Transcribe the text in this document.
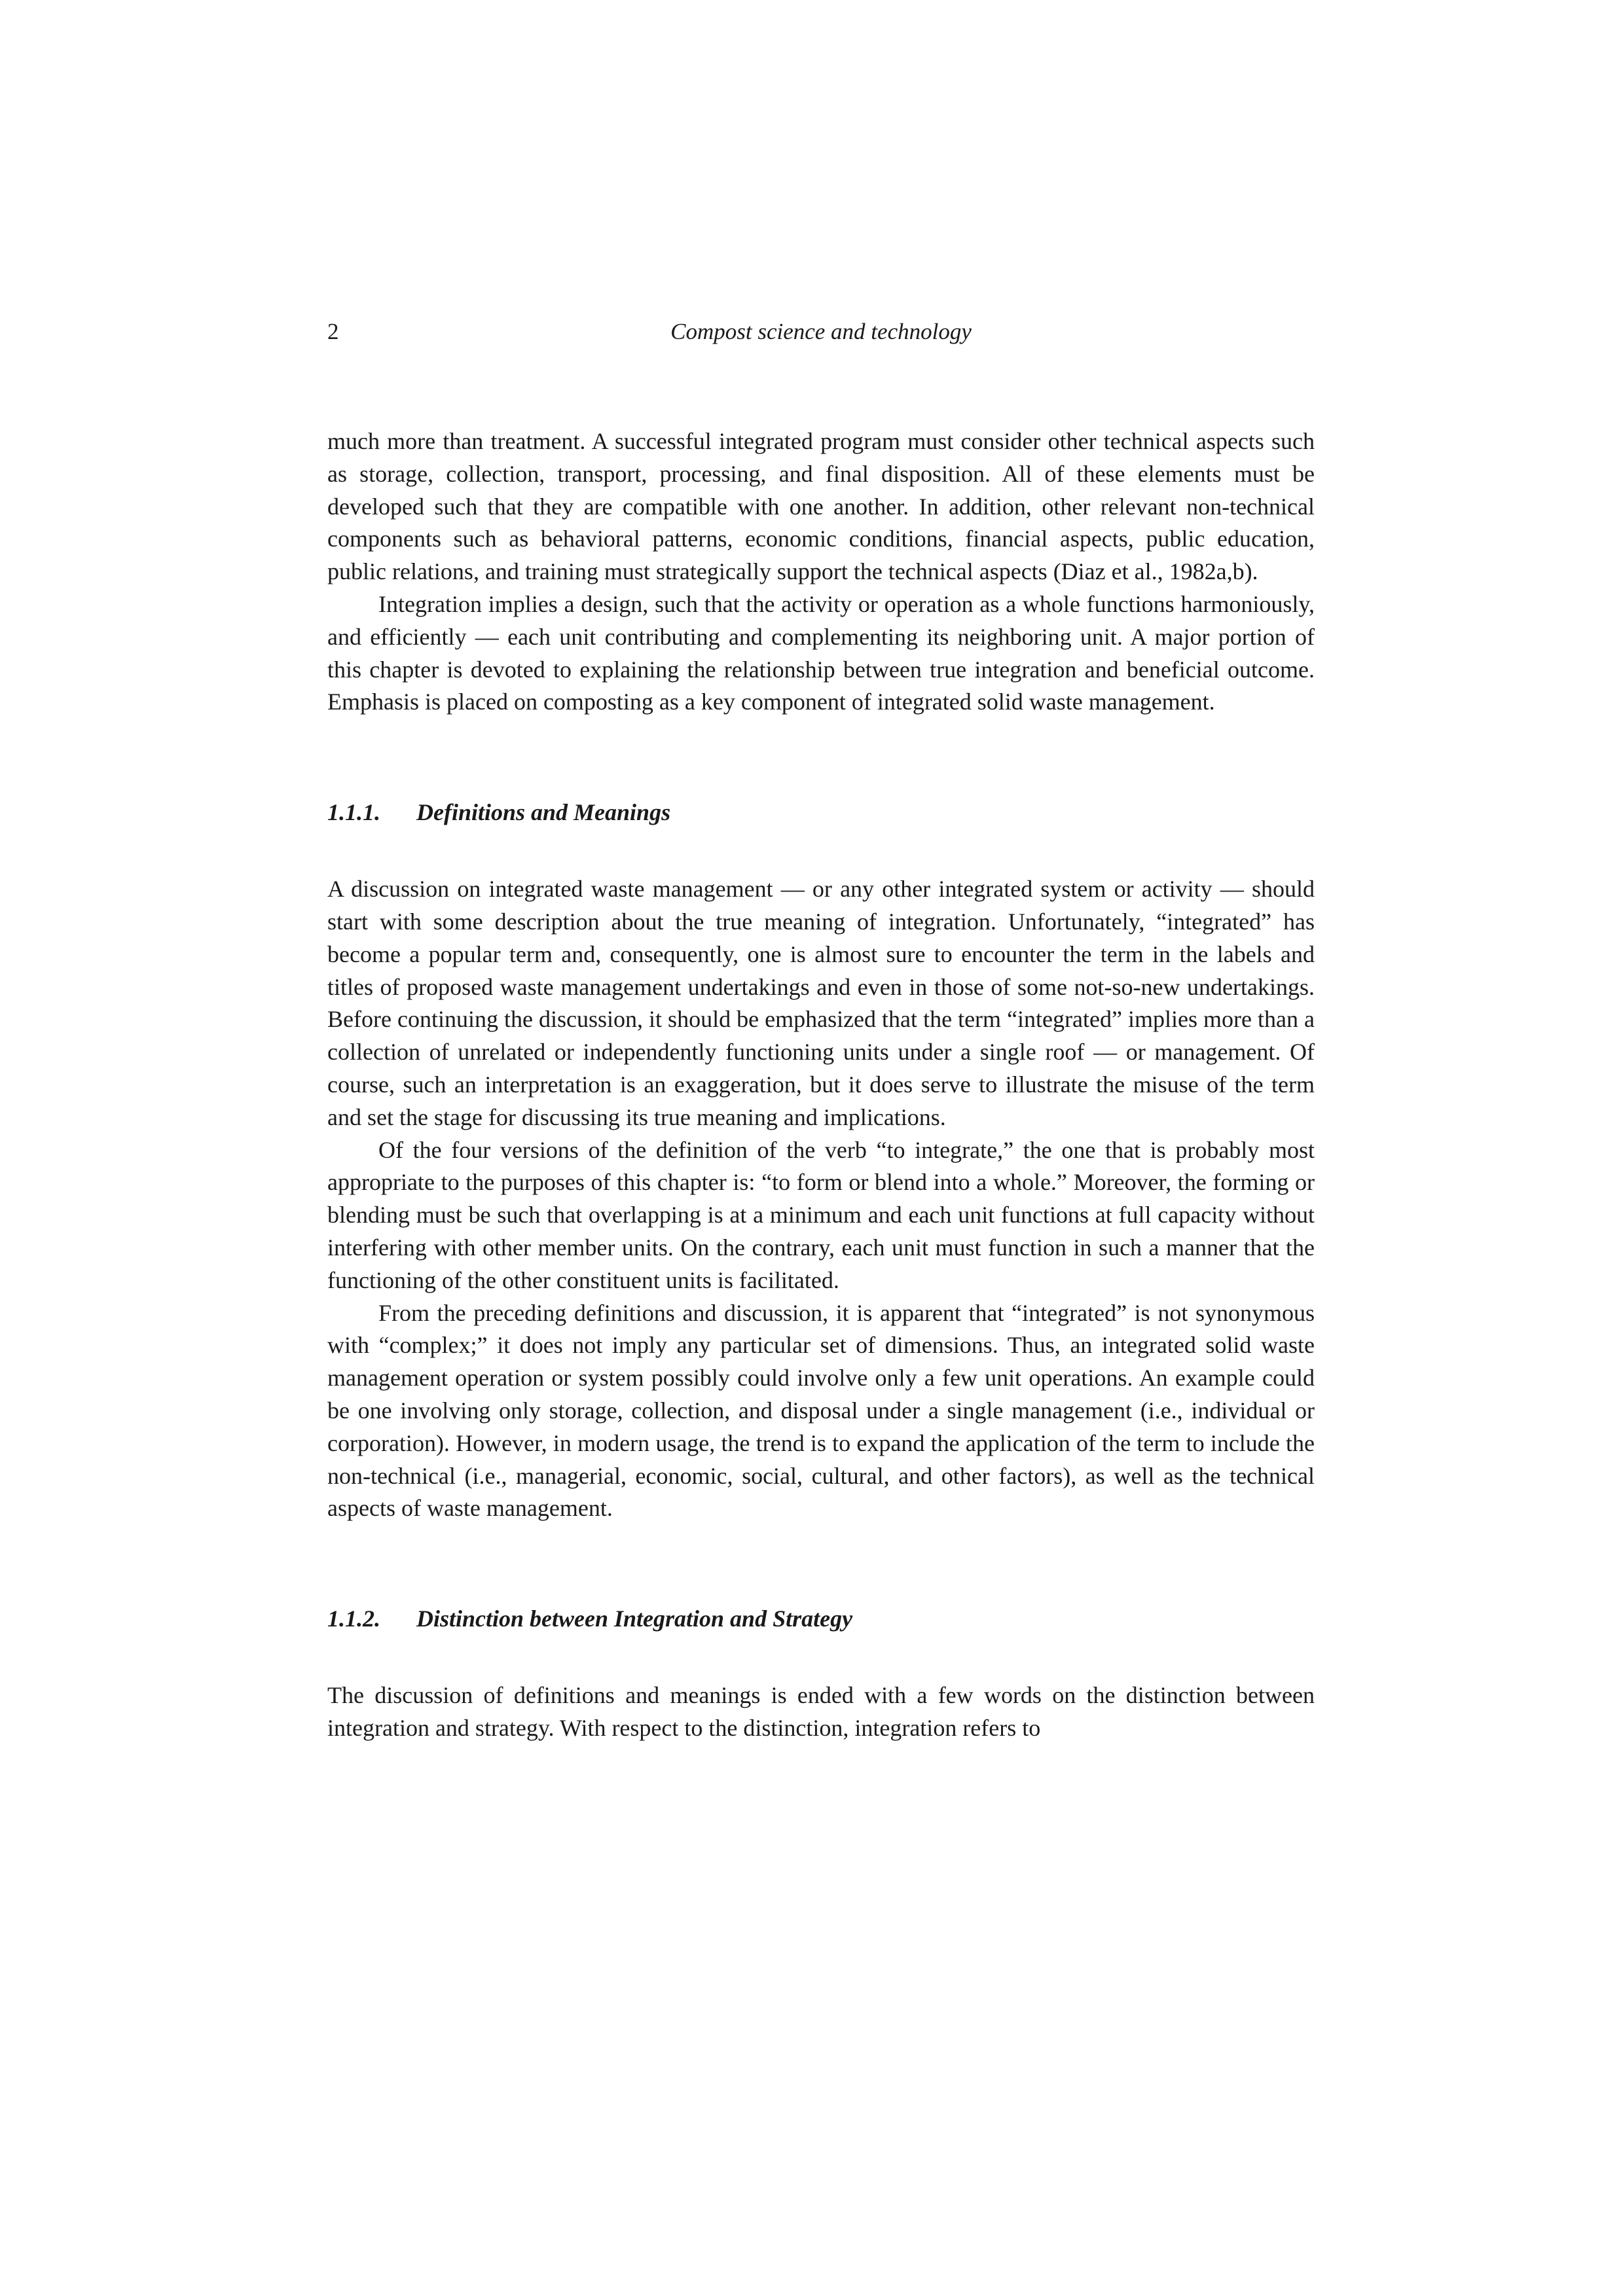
2	Compost science and technology

much more than treatment. A successful integrated program must consider other technical aspects such as storage, collection, transport, processing, and final disposition. All of these elements must be developed such that they are compatible with one another. In addition, other relevant non-technical components such as behavioral patterns, economic conditions, financial aspects, public education, public relations, and training must strategically support the technical aspects (Diaz et al., 1982a,b).

Integration implies a design, such that the activity or operation as a whole functions harmoniously, and efficiently — each unit contributing and complementing its neighboring unit. A major portion of this chapter is devoted to explaining the relationship between true integration and beneficial outcome. Emphasis is placed on composting as a key component of integrated solid waste management.

1.1.1. Definitions and Meanings

A discussion on integrated waste management — or any other integrated system or activity — should start with some description about the true meaning of integration. Unfortunately, “integrated” has become a popular term and, consequently, one is almost sure to encounter the term in the labels and titles of proposed waste management undertakings and even in those of some not-so-new undertakings. Before continuing the discussion, it should be emphasized that the term “integrated” implies more than a collection of unrelated or independently functioning units under a single roof — or management. Of course, such an interpretation is an exaggeration, but it does serve to illustrate the misuse of the term and set the stage for discussing its true meaning and implications.

Of the four versions of the definition of the verb “to integrate,” the one that is probably most appropriate to the purposes of this chapter is: “to form or blend into a whole.” Moreover, the forming or blending must be such that overlapping is at a minimum and each unit functions at full capacity without interfering with other member units. On the contrary, each unit must function in such a manner that the functioning of the other constituent units is facilitated.

From the preceding definitions and discussion, it is apparent that “integrated” is not synonymous with “complex;” it does not imply any particular set of dimensions. Thus, an integrated solid waste management operation or system possibly could involve only a few unit operations. An example could be one involving only storage, collection, and disposal under a single management (i.e., individual or corporation). However, in modern usage, the trend is to expand the application of the term to include the non-technical (i.e., managerial, economic, social, cultural, and other factors), as well as the technical aspects of waste management.

1.1.2. Distinction between Integration and Strategy

The discussion of definitions and meanings is ended with a few words on the distinction between integration and strategy. With respect to the distinction, integration refers to
